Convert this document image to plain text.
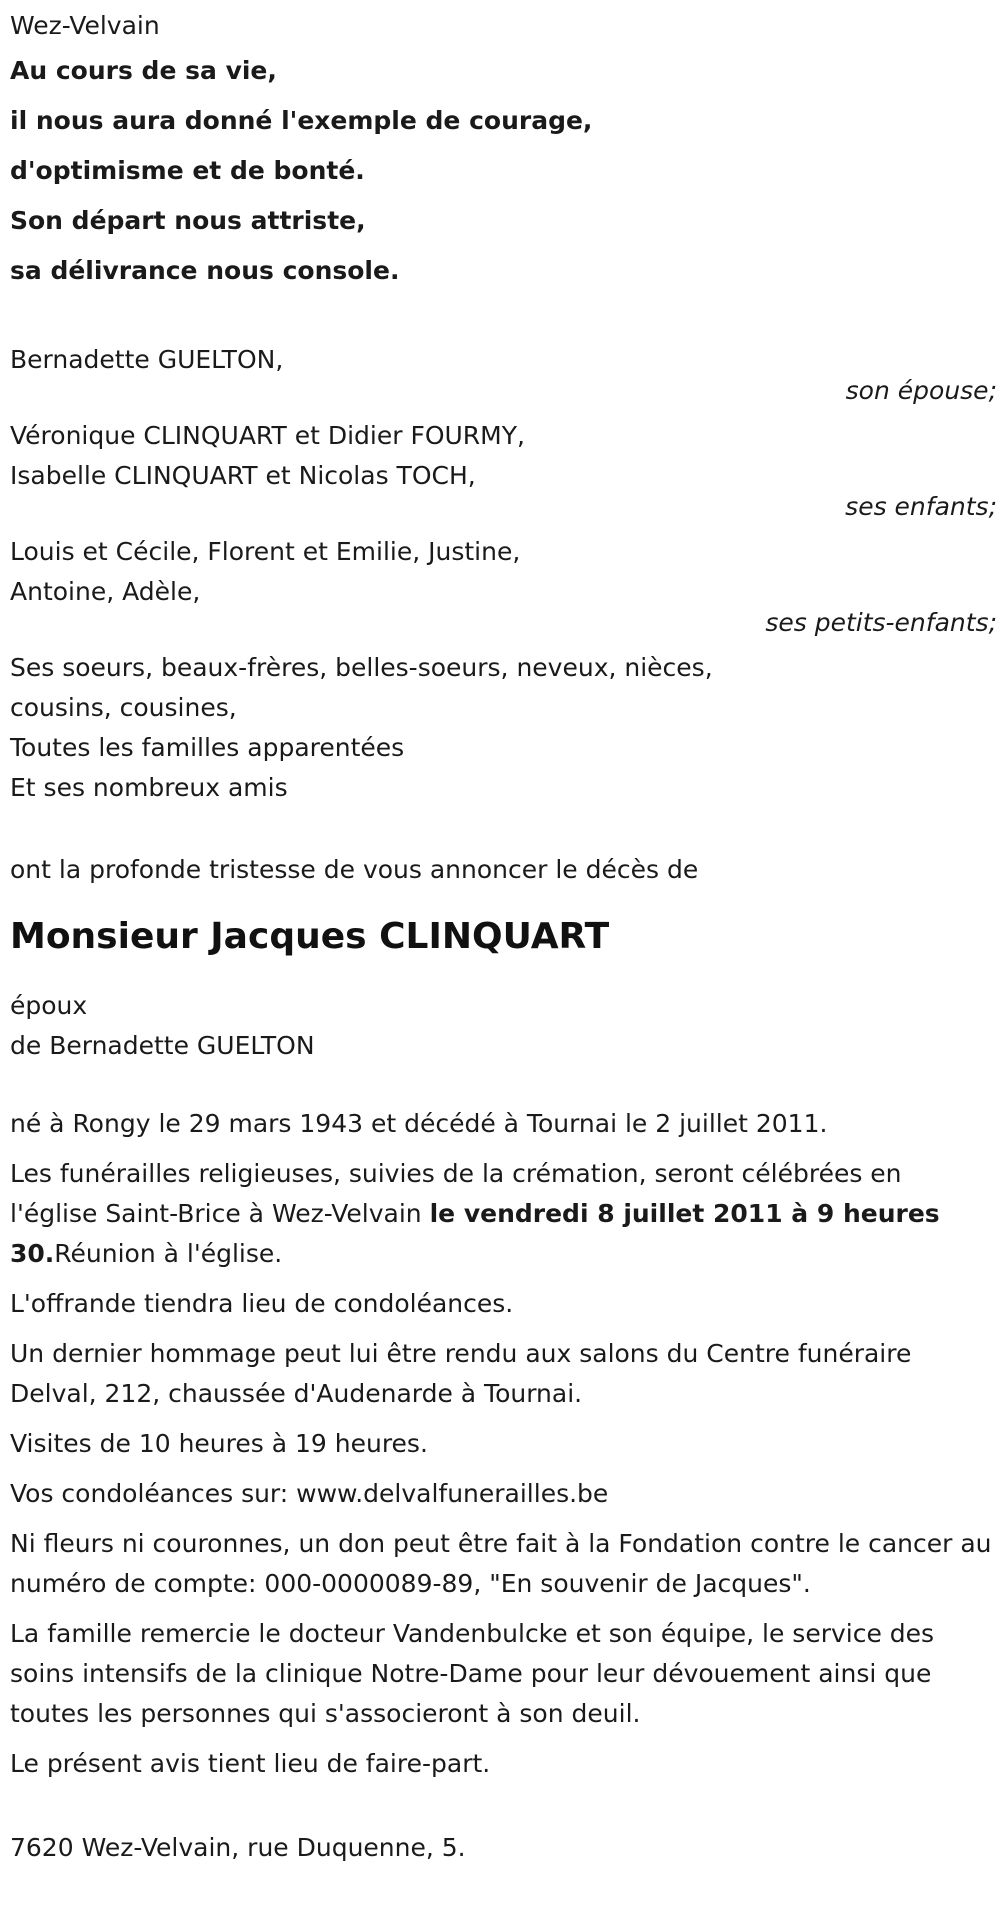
Wez-Velvain
Au cours de sa vie,
il nous aura donné l'exemple de courage,
d'optimisme et de bonté.
Son départ nous attriste,
sa délivrance nous console.
Bernadette GUELTON,
son épouse;
Véronique CLINQUART et Didier FOURMY,
Isabelle CLINQUART et Nicolas TOCH,
ses enfants;
Louis et Cécile, Florent et Emilie, Justine,
Antoine, Adèle,
ses petits-enfants;
Ses soeurs, beaux-frères, belles-soeurs, neveux, nièces,
cousins, cousines,
Toutes les familles apparentées
Et ses nombreux amis
ont la profonde tristesse de vous annoncer le décès de
Monsieur Jacques CLINQUART
époux
de Bernadette GUELTON
né à Rongy le 29 mars 1943 et décédé à Tournai le 2 juillet 2011.
Les funérailles religieuses, suivies de la crémation, seront célébrées en l'église Saint-Brice à Wez-Velvain le vendredi 8 juillet 2011 à 9 heures 30.Réunion à l'église.
L'offrande tiendra lieu de condoléances.
Un dernier hommage peut lui être rendu aux salons du Centre funéraire Delval, 212, chaussée d'Audenarde à Tournai.
Visites de 10 heures à 19 heures.
Vos condoléances sur: www.delvalfunerailles.be
Ni fleurs ni couronnes, un don peut être fait à la Fondation contre le cancer au numéro de compte: 000-0000089-89, "En souvenir de Jacques".
La famille remercie le docteur Vandenbulcke et son équipe, le service des soins intensifs de la clinique Notre-Dame pour leur dévouement ainsi que toutes les personnes qui s'associeront à son deuil.
Le présent avis tient lieu de faire-part.
7620 Wez-Velvain, rue Duquenne, 5.
